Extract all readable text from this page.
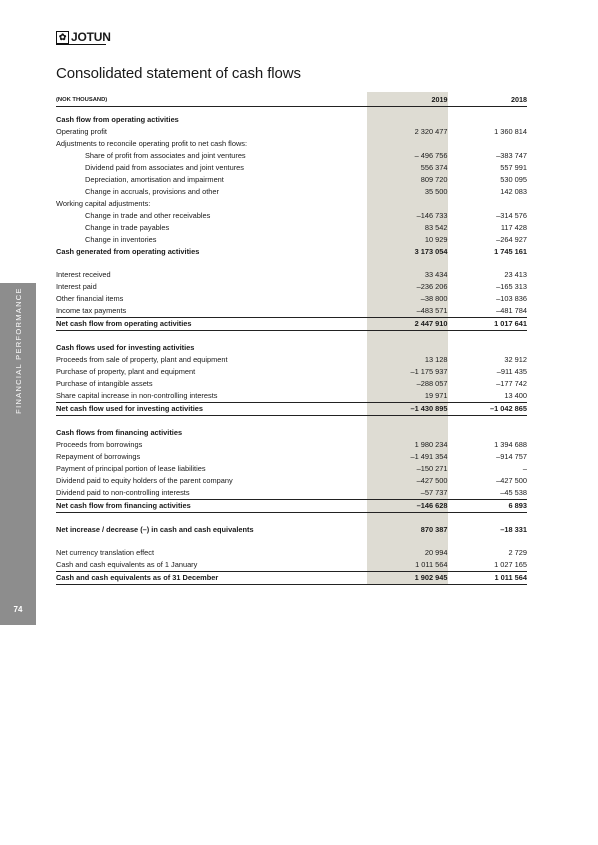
✿ JOTUN
Consolidated statement of cash flows
FINANCIAL PERFORMANCE
74
(NOK THOUSAND)	2019	2018

Cash flow from operating activities		
Operating profit	2 320 477	1 360 814
Adjustments to reconcile operating profit to net cash flows:		
Share of profit from associates and joint ventures	– 496 756	–383 747
Dividend paid from associates and joint ventures	556 374	557 991
Depreciation, amortisation and impairment	809 720	530 095
Change in accruals, provisions and other	35 500	142 083
Working capital adjustments:		
Change in trade and other receivables	–146 733	–314 576
Change in trade payables	83 542	117 428
Change in inventories	10 929	–264 927
Cash generated from operating activities	3 173 054	1 745 161

Interest received	33 434	23 413
Interest paid	–236 206	–165 313
Other financial items	–38 800	–103 836
Income tax payments	–483 571	–481 784
Net cash flow from operating activities	2 447 910	1 017 641

Cash flows used for investing activities		
Proceeds from sale of property, plant and equipment	13 128	32 912
Purchase of property, plant and equipment	–1 175 937	–911 435
Purchase of intangible assets	–288 057	–177 742
Share capital increase in non-controlling interests	19 971	13 400
Net cash flow used for investing activities	–1 430 895	–1 042 865

Cash flows from financing activities		
Proceeds from borrowings	1 980 234	1 394 688
Repayment of borrowings	–1 491 354	–914 757
Payment of principal portion of lease liabilities	–150 271	–
Dividend paid to equity holders of the parent company	–427 500	–427 500
Dividend paid to non-controlling interests	–57 737	–45 538
Net cash flow from financing activities	–146 628	6 893

Net increase / decrease (–) in cash and cash equivalents	870 387	–18 331

Net currency translation effect	20 994	2 729
Cash and cash equivalents as of 1 January	1 011 564	1 027 165
Cash and cash equivalents as of 31 December	1 902 945	1 011 564
